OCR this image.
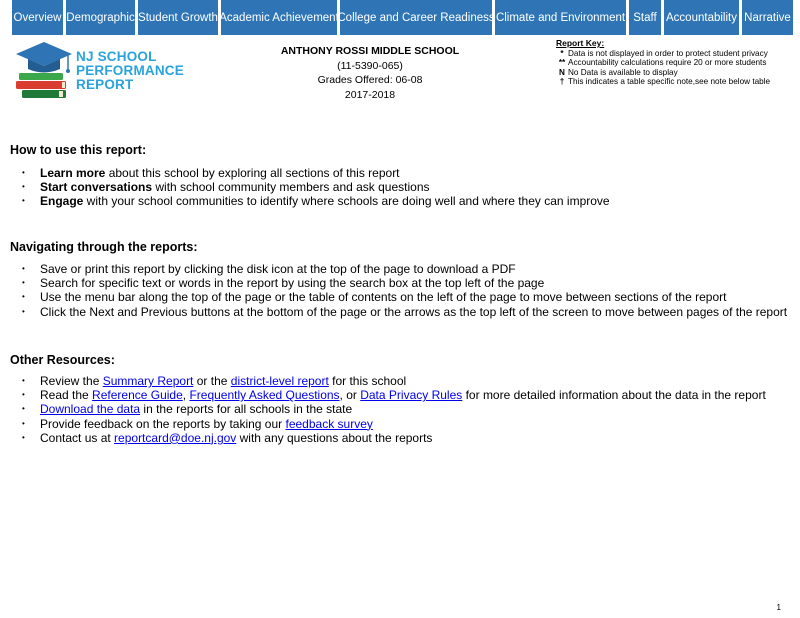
Overview Demographic Student Growth Academic Achievement
College and Career Readiness Climate and Environment Staff Accountability Narrative
NJ SCHOOL
PERFORMANCE
REPORT
ANTHONY ROSSI MIDDLE SCHOOL
(11-5390-065)
Grades Offered: 06-08
2017-2018
Report Key:
* Data is not displayed in order to protect student privacy
** Accountability calculations require 20 or more students
N No Data is available to display
† This indicates a table specific note,see note below table
How to use this report:
• Learn more about this school by exploring all sections of this report
• Start conversations with school community members and ask questions
• Engage with your school communities to identify where schools are doing well and where they can improve
Navigating through the reports:
• Save or print this report by clicking the disk icon at the top of the page to download a PDF
• Search for specific text or words in the report by using the search box at the top left of the page
• Use the menu bar along the top of the page or the table of contents on the left of the page to move between sections of the report
• Click the Next and Previous buttons at the bottom of the page or the arrows as the top left of the screen to move between pages of the report
Other Resources:
• Review the Summary Report or the district-level report for this school
• Read the Reference Guide, Frequently Asked Questions, or Data Privacy Rules for more detailed information about the data in the report
• Download the data in the reports for all schools in the state
• Provide feedback on the reports by taking our feedback survey
• Contact us at reportcard@doe.nj.gov with any questions about the reports
1
